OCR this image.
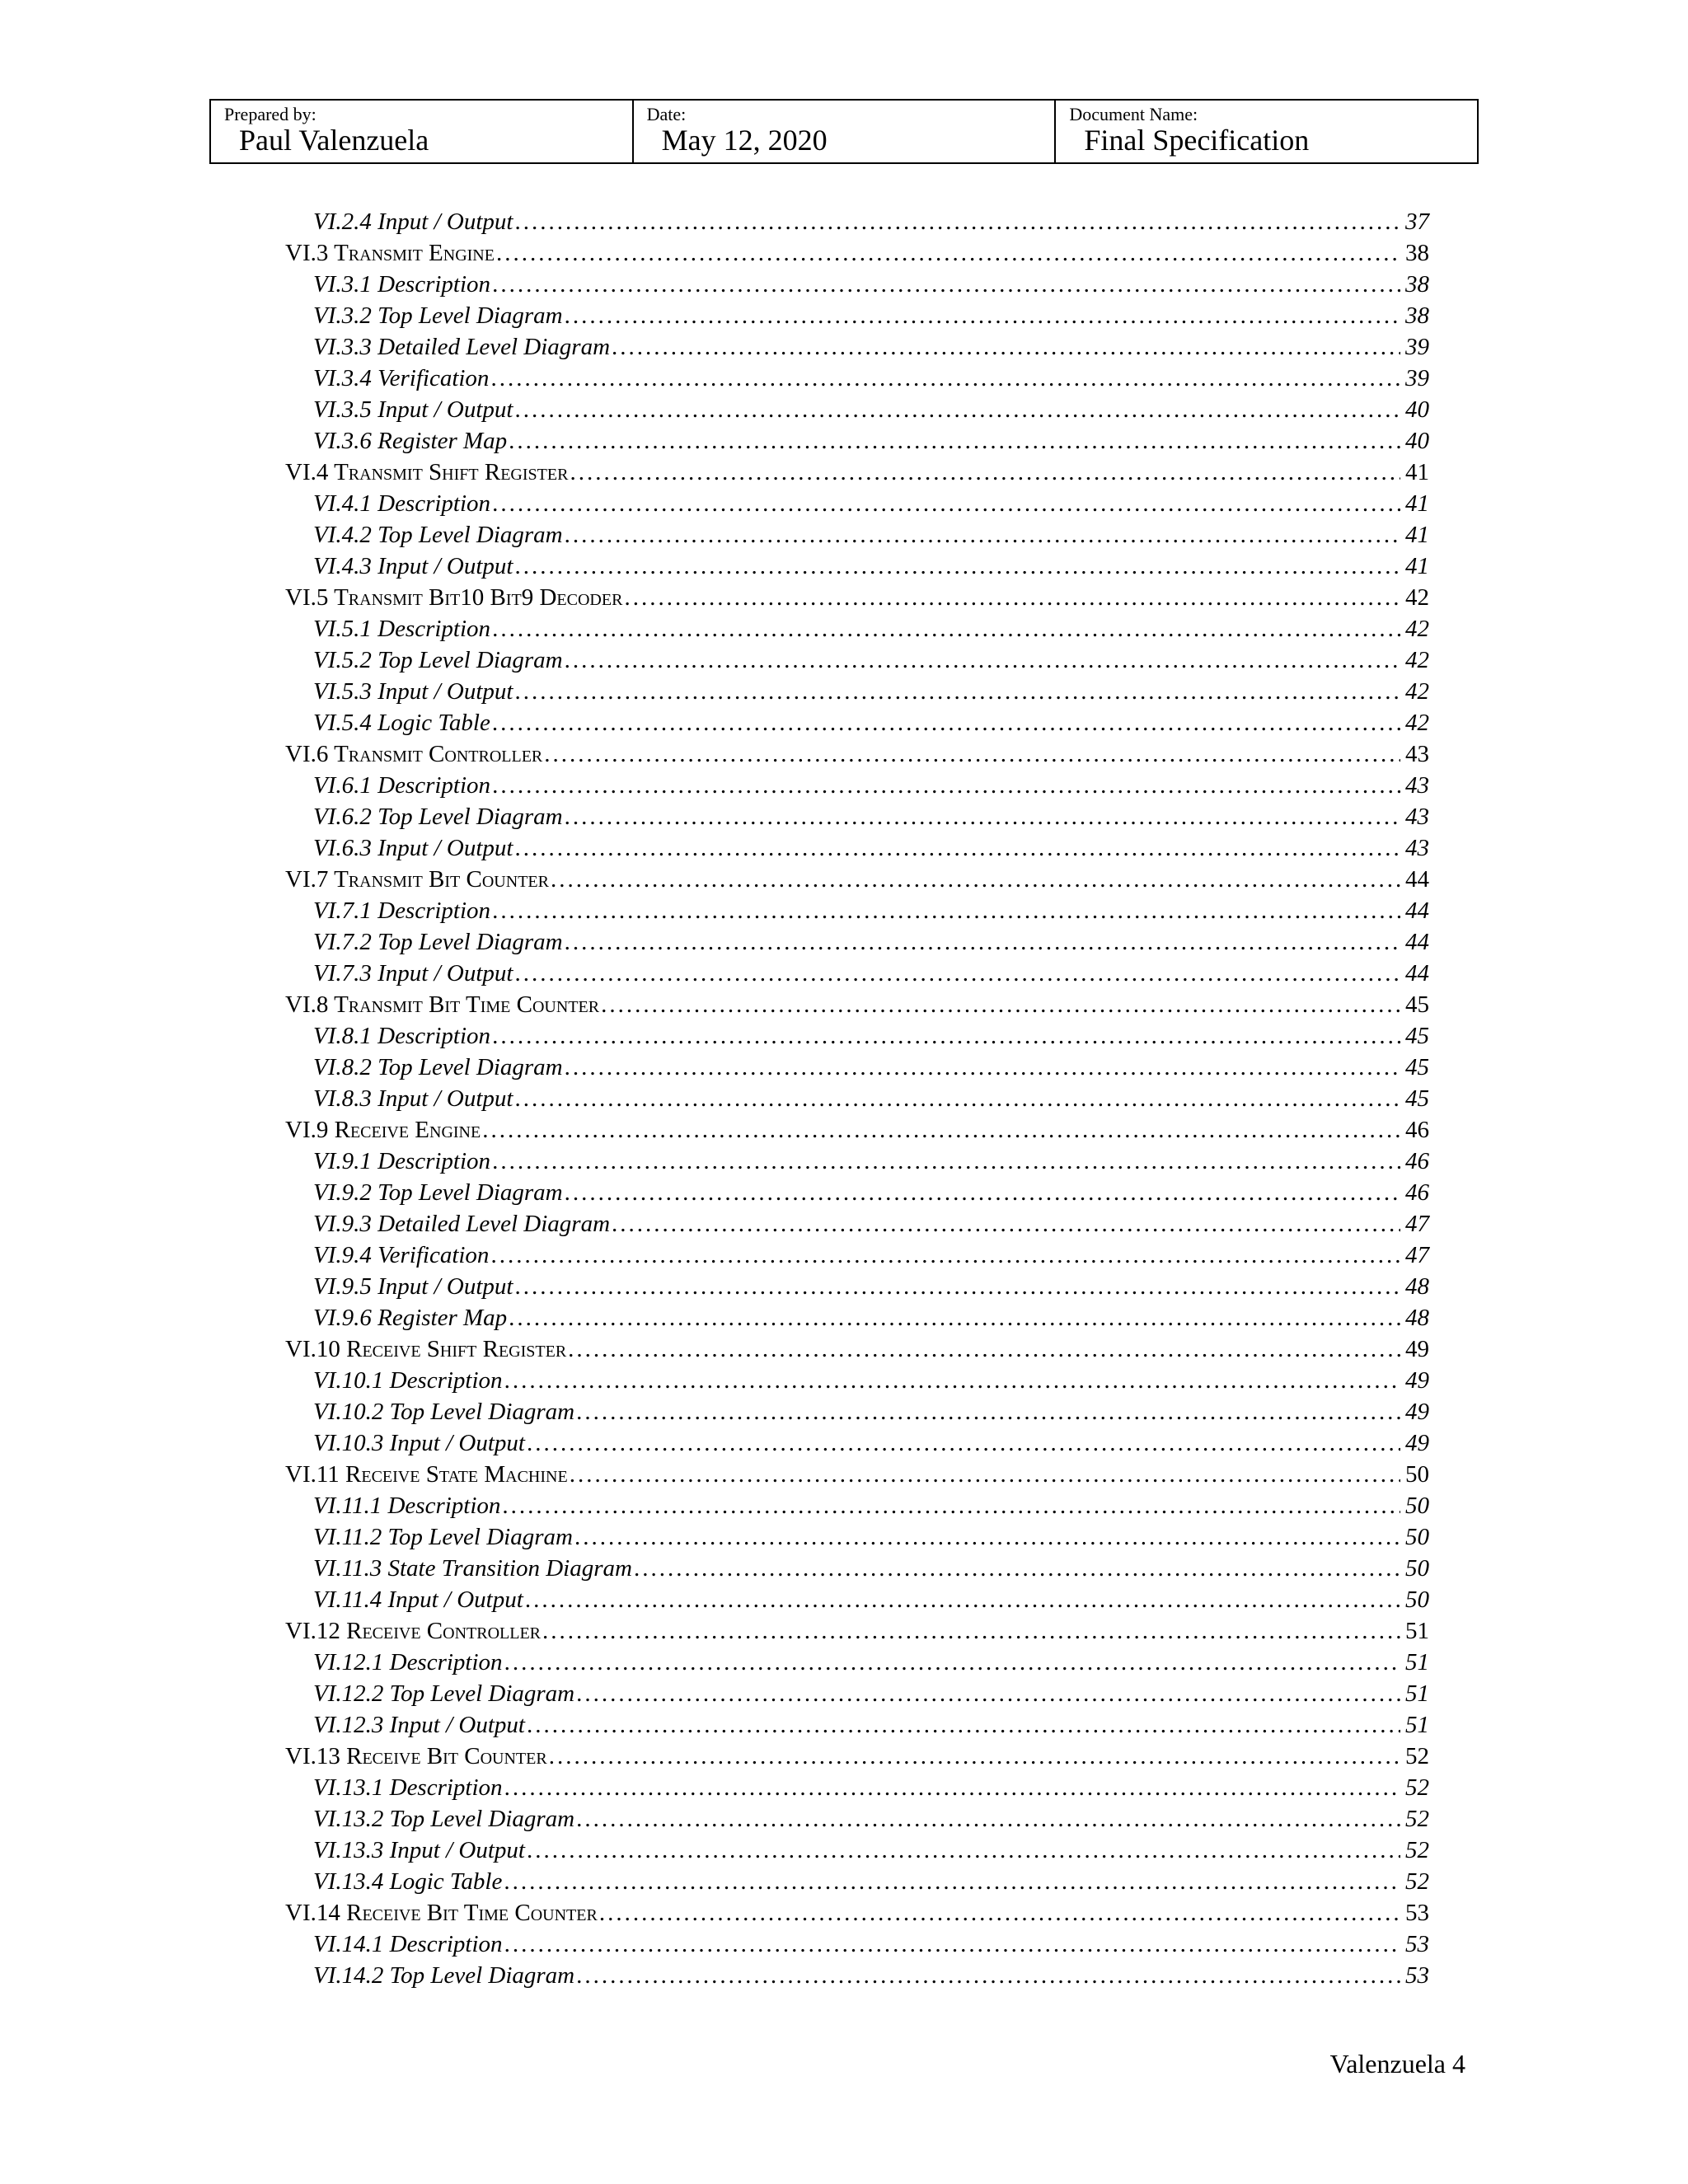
Prepared by:
Paul Valenzuela

Date:
May 12, 2020

Document Name:
Final Specification
VI.2.4 Input / Output .....	37
VI.3 Transmit Engine .....	38
VI.3.1 Description .....	38
VI.3.2 Top Level Diagram .....	38
VI.3.3 Detailed Level Diagram .....	39
VI.3.4 Verification .....	39
VI.3.5 Input / Output .....	40
VI.3.6 Register Map .....	40
VI.4 Transmit Shift Register .....	41
VI.4.1 Description .....	41
VI.4.2 Top Level Diagram .....	41
VI.4.3 Input / Output .....	41
VI.5 Transmit Bit10 Bit9 Decoder .....	42
VI.5.1 Description .....	42
VI.5.2 Top Level Diagram .....	42
VI.5.3 Input / Output .....	42
VI.5.4 Logic Table .....	42
VI.6 Transmit Controller .....	43
VI.6.1 Description .....	43
VI.6.2 Top Level Diagram .....	43
VI.6.3 Input / Output .....	43
VI.7 Transmit Bit Counter .....	44
VI.7.1 Description .....	44
VI.7.2 Top Level Diagram .....	44
VI.7.3 Input / Output .....	44
VI.8 Transmit Bit Time Counter .....	45
VI.8.1 Description .....	45
VI.8.2 Top Level Diagram .....	45
VI.8.3 Input / Output .....	45
VI.9 Receive Engine .....	46
VI.9.1 Description .....	46
VI.9.2 Top Level Diagram .....	46
VI.9.3 Detailed Level Diagram .....	47
VI.9.4 Verification .....	47
VI.9.5 Input / Output .....	48
VI.9.6 Register Map .....	48
VI.10 Receive Shift Register .....	49
VI.10.1 Description .....	49
VI.10.2 Top Level Diagram .....	49
VI.10.3 Input / Output .....	49
VI.11 Receive State Machine .....	50
VI.11.1 Description .....	50
VI.11.2 Top Level Diagram .....	50
VI.11.3 State Transition Diagram .....	50
VI.11.4 Input / Output .....	50
VI.12 Receive Controller .....	51
VI.12.1 Description .....	51
VI.12.2 Top Level Diagram .....	51
VI.12.3 Input / Output .....	51
VI.13 Receive Bit Counter .....	52
VI.13.1 Description .....	52
VI.13.2 Top Level Diagram .....	52
VI.13.3 Input / Output .....	52
VI.13.4 Logic Table .....	52
VI.14 Receive Bit Time Counter .....	53
VI.14.1 Description .....	53
VI.14.2 Top Level Diagram .....	53
Valenzuela 4
